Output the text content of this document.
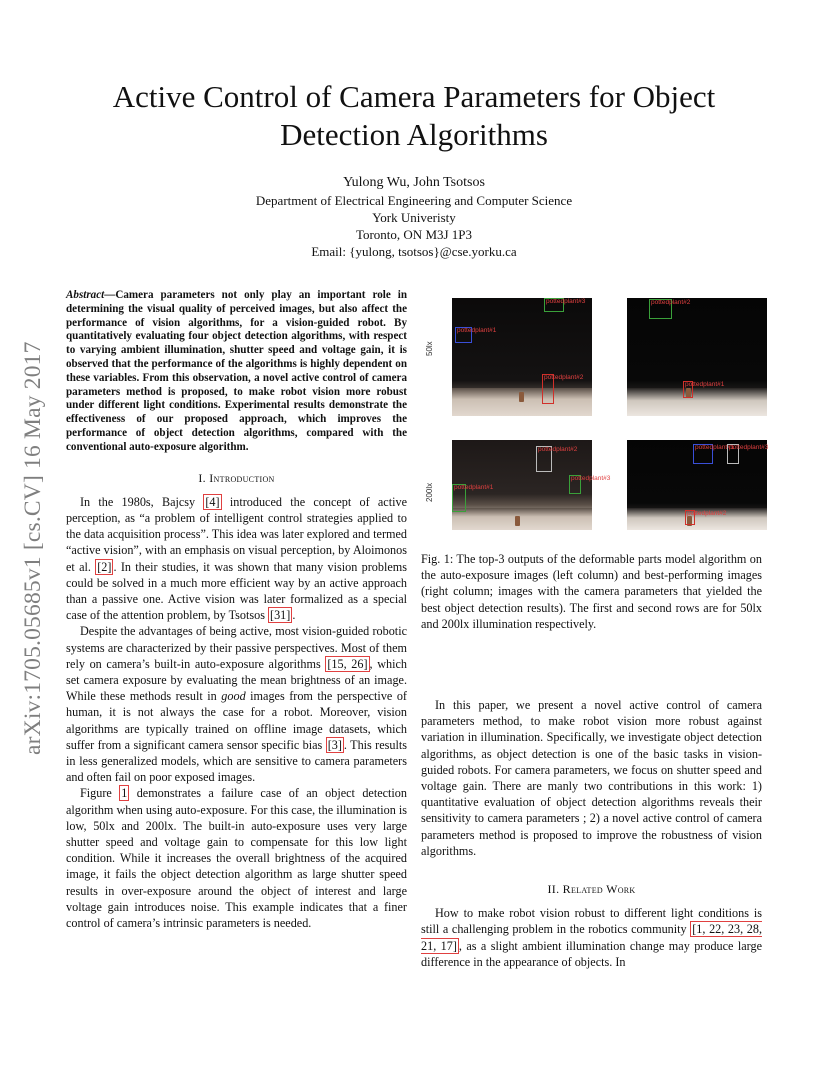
arXiv:1705.05685v1 [cs.CV] 16 May 2017
Active Control of Camera Parameters for Object
Detection Algorithms
Yulong Wu, John Tsotsos
Department of Electrical Engineering and Computer Science
York Univeristy
Toronto, ON M3J 1P3
Email: {yulong, tsotsos}@cse.yorku.ca
Abstract—Camera parameters not only play an important role in determining the visual quality of perceived images, but also affect the performance of vision algorithms, for a vision-guided robot. By quantitatively evaluating four object detection algorithms, with respect to varying ambient illumination, shutter speed and voltage gain, it is observed that the performance of the algorithms is highly dependent on these variables. From this observation, a novel active control of camera parameters method is proposed, to make robot vision more robust under different light conditions. Experimental results demonstrate the effectiveness of our proposed approach, which improves the performance of object detection algorithms, compared with the conventional auto-exposure algorithm.
I. Introduction

In the 1980s, Bajcsy [4] introduced the concept of active perception, as “a problem of intelligent control strategies applied to the data acquisition process”. This idea was later explored and termed “active vision”, with an emphasis on visual perception, by Aloimonos et al. [2] . In their studies, it was shown that many vision problems could be solved in a much more efficient way by an active approach than a passive one. Active vision was later formalized as a special case of the attention problem, by Tsotsos [31] .

Despite the advantages of being active, most vision-guided robotic systems are characterized by their passive perspectives. Most of them rely on camera’s built-in auto-exposure algorithms [15, 26] , which set camera exposure by evaluating the mean brightness of an image. While these methods result in good images from the perspective of human, it is not always the case for a robot. Moreover, vision algorithms are typically trained on offline image datasets, which suffer from a significant camera sensor specific bias [3] . This results in less generalized models, which are sensitive to camera parameters and often fail on poor exposed images.

Figure 1 demonstrates a failure case of an object detection algorithm when using auto-exposure. For this case, the illumination is low, 50lx and 200lx. The built-in auto-exposure uses very large shutter speed and voltage gain to compensate for this low light condition. While it increases the overall brightness of the acquired image, it fails the object detection algorithm as large shutter speed results in over-exposure around the object of interest and large voltage gain introduces noise. This example indicates that a finer control of camera’s intrinsic parameters is needed.

50lx
200lx
pottedplant#1
pottedplant#3
pottedplant#2
pottedplant#2
pottedplant#1
pottedplant#1
pottedplant#2
pottedplant#3
pottedplant#1
pottedplant#3
pottedplant#2
Fig. 1: The top-3 outputs of the deformable parts model algorithm on the auto-exposure images (left column) and best-performing images (right column; images with the camera parameters that yielded the best object detection results). The first and second rows are for 50lx and 200lx illumination respectively.

In this paper, we present a novel active control of camera parameters method, to make robot vision more robust against variation in illumination. Specifically, we investigate object detection algorithms, as object detection is one of the basic tasks in vision-guided robots. For camera parameters, we focus on shutter speed and voltage gain. There are manly two contributions in this work: 1) quantitative evaluation of object detection algorithms reveals their sensitivity to camera parameters ; 2) a novel active control of camera parameters method is proposed to improve the robustness of vision algorithms.

II. Related Work

How to make robot vision robust to different light conditions is still a challenging problem in the robotics community [1, 22, 23, 28, 21, 17] , as a slight ambient illumination change may produce large difference in the appearance of objects. In
